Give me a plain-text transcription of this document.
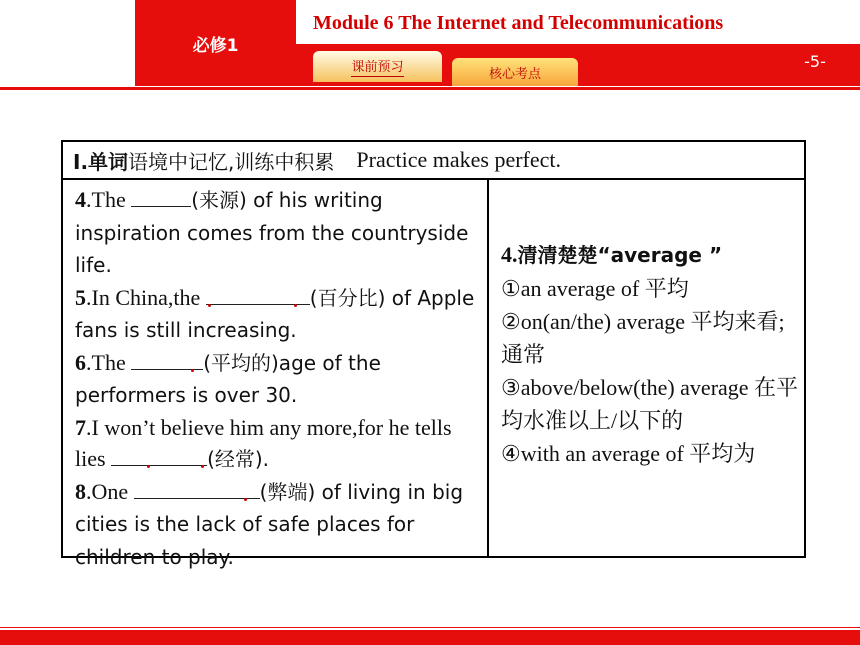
必修1
Module 6 The Internet and Telecommunications
课前预习	核心考点
-5-
Ⅰ.单词语境中记忆,训练中积累 Practice makes perfect.
4.The	(来源) of his writing inspiration comes from the countryside life.
5.In China,the	(百分比) of Apple fans is still increasing.
6.The	(平均的)age of the performers is over 30.
7.I won’t believe him any more,for he tells lies	(经常).
8.One	(弊端) of living in big cities is the lack of safe places for children to play.
4.清清楚楚“average ”
①an average of 平均
②on(an/the) average 平均来看;通常
③above/below(the) average 在平均水准以上/以下的
④with an average of 平均为
